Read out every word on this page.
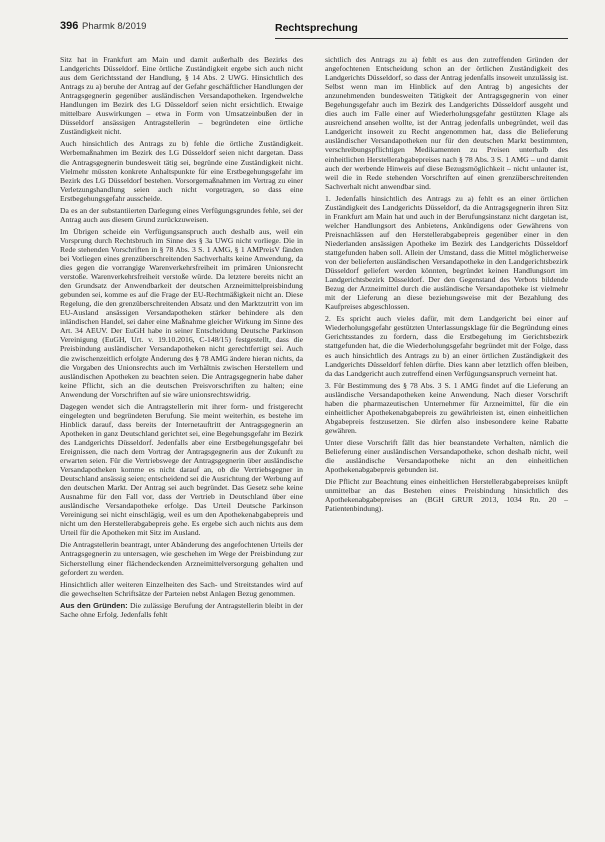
396 Pharmk 8/2019	Rechtsprechung

Sitz hat in Frankfurt am Main und damit außerhalb des Bezirks des Landgerichts Düsseldorf. Eine örtliche Zuständigkeit ergebe sich auch nicht aus dem Gerichtsstand der Handlung, § 14 Abs. 2 UWG. Hinsichtlich des Antrags zu a) beruhe der Antrag auf der Gefahr geschäftlicher Handlungen der Antragsgegnerin gegenüber ausländischen Versandapotheken. Irgendwelche Handlungen im Bezirk des LG Düsseldorf seien nicht ersichtlich. Etwaige mittelbare Auswirkungen – etwa in Form von Umsatzeinbußen der in Düsseldorf ansässigen Antragstellerin – begründeten eine örtliche Zuständigkeit nicht.

Auch hinsichtlich des Antrags zu b) fehle die örtliche Zuständigkeit. Werbemaßnahmen im Bezirk des LG Düsseldorf seien nicht dargetan. Dass die Antragsgegnerin bundesweit tätig sei, begründe eine Zuständigkeit nicht. Vielmehr müssten konkrete Anhaltspunkte für eine Erstbegehungsgefahr im Bezirk des LG Düsseldorf bestehen. Vorsorgemaßnahmen im Vertrag zu einer Verletzungshandlung seien auch nicht vorgetragen, so dass eine Erstbegehungsgefahr ausscheide.

Da es an der substantiierten Darlegung eines Verfügungsgrundes fehle, sei der Antrag auch aus diesem Grund zurückzuweisen.

Im Übrigen scheide ein Verfügungsanspruch auch deshalb aus, weil ein Vorsprung durch Rechtsbruch im Sinne des § 3a UWG nicht vorliege. Die in Rede stehenden Vorschriften in § 78 Abs. 3 S. 1 AMG, § 1 AMPreisV fänden bei Vorliegen eines grenzüberschreitenden Sachverhalts keine Anwendung, da dies gegen die vorrangige Warenverkehrsfreiheit im primären Unionsrecht verstoße. Warenverkehrsfreiheit verstoße würde. Da letztere bereits nicht an den Grundsatz der Anwendbarkeit der deutschen Arzneimittelpreisbindung gebunden sei, komme es auf die Frage der EU-Rechtmäßigkeit nicht an. Diese Regelung, die den grenzüberschreitenden Absatz und den Marktzutritt von im EU-Ausland ansässigen Versandapotheken stärker behindere als den inländischen Handel, sei daher eine Maßnahme gleicher Wirkung im Sinne des Art. 34 AEUV. Der EuGH habe in seiner Entscheidung Deutsche Parkinson Vereinigung (EuGH, Urt. v. 19.10.2016, C-148/15) festgestellt, dass die Preisbindung ausländischer Versandapotheken nicht gerechtfertigt sei. Auch die zwischenzeitlich erfolgte Änderung des § 78 AMG ändere hieran nichts, da die Vorgaben des Unionsrechts auch im Verhältnis zwischen Herstellern und ausländischen Apotheken zu beachten seien. Die Antragsgegnerin habe daher keine Pflicht, sich an die deutschen Preisvorschriften zu halten; eine Anwendung der Vorschriften auf sie wäre unionsrechtswidrig.

Dagegen wendet sich die Antragstellerin mit ihrer form- und fristgerecht eingelegten und begründeten Berufung. Sie meint weiterhin, es bestehe im Hinblick darauf, dass bereits der Internetauftritt der Antragsgegnerin an Apotheken in ganz Deutschland gerichtet sei, eine Begehungsgefahr im Bezirk des Landgerichts Düsseldorf. Jedenfalls aber eine Erstbegehungsgefahr bei Ereignissen, die nach dem Vortrag der Antragsgegnerin aus der Zukunft zu erwarten seien. Für die Vertriebswege der Antragsgegnerin über ausländische Versandapotheken komme es nicht darauf an, ob die Vertriebsgegner in Deutschland ansässig seien; entscheidend sei die Ausrichtung der Werbung auf den deutschen Markt. Der Antrag sei auch begründet. Das Gesetz sehe keine Ausnahme für den Fall vor, dass der Vertrieb in Deutschland über eine ausländische Versandapotheke erfolge. Das Urteil Deutsche Parkinson Vereinigung sei nicht einschlägig, weil es um den Apothekenabgabepreis und nicht um den Herstellerabgabepreis gehe. Es ergebe sich auch nichts aus dem Urteil für die Apotheken mit Sitz im Ausland.

Die Antragstellerin beantragt, unter Abänderung des angefochtenen Urteils der Antragsgegnerin zu untersagen, wie geschehen im Wege der Preisbindung zur Sicherstellung einer flächendeckenden Arzneimittelversorgung gehalten und gefordert zu werden.

Hinsichtlich aller weiteren Einzelheiten des Sach- und Streitstandes wird auf die gewechselten Schriftsätze der Parteien nebst Anlagen Bezug genommen.

Aus den Gründen: Die zulässige Berufung der Antragstellerin bleibt in der Sache ohne Erfolg. Jedenfalls fehlt

sichtlich des Antrags zu a) fehlt es aus den zutreffenden Gründen der angefochtenen Entscheidung schon an der örtlichen Zuständigkeit des Landgerichts Düsseldorf, so dass der Antrag jedenfalls insoweit unzulässig ist. Selbst wenn man im Hinblick auf den Antrag b) angesichts der anzunehmenden bundesweiten Tätigkeit der Antragsgegnerin von einer Begehungsgefahr auch im Bezirk des Landgerichts Düsseldorf ausgeht und dies auch im Falle einer auf Wiederholungsgefahr gestützten Klage als ausreichend ansehen wollte, ist der Antrag jedenfalls unbegründet, weil das Landgericht insoweit zu Recht angenommen hat, dass die Belieferung ausländischer Versandapotheken nur für den deutschen Markt bestimmten, verschreibungspflichtigen Medikamenten zu Preisen unterhalb des einheitlichen Herstellerabgabepreises nach § 78 Abs. 3 S. 1 AMG – und damit auch der werbende Hinweis auf diese Bezugsmöglichkeit – nicht unlauter ist, weil die in Rede stehenden Vorschriften auf einen grenzüberschreitenden Sachverhalt nicht anwendbar sind.

1. Jedenfalls hinsichtlich des Antrags zu a) fehlt es an einer örtlichen Zuständigkeit des Landgerichts Düsseldorf, da die Antragsgegnerin ihren Sitz in Frankfurt am Main hat und auch in der Berufungsinstanz nicht dargetan ist, welcher Handlungsort des Anbietens, Ankündigens oder Gewährens von Preisnachlässen auf den Herstellerabgabepreis gegenüber einer in den Niederlanden ansässigen Apotheke im Bezirk des Landgerichts Düsseldorf stattgefunden haben soll. Allein der Umstand, dass die Mittel möglicherweise von der belieferten ausländischen Versandapotheke in den Landgerichtsbezirk Düsseldorf geliefert werden könnten, begründet keinen Handlungsort im Landgerichtsbezirk Düsseldorf. Der den Gegenstand des Verbots bildende Bezug der Arzneimittel durch die ausländische Versandapotheke ist vielmehr mit der Lieferung an diese beziehungsweise mit der Bezahlung des Kaufpreises abgeschlossen.

2. Es spricht auch vieles dafür, mit dem Landgericht bei einer auf Wiederholungsgefahr gestützten Unterlassungsklage für die Begründung eines Gerichtsstandes zu fordern, dass die Erstbegehung im Gerichtsbezirk stattgefunden hat, die die Wiederholungsgefahr begründet mit der Folge, dass es auch hinsichtlich des Antrags zu b) an einer örtlichen Zuständigkeit des Landgerichts Düsseldorf fehlen dürfte. Dies kann aber letztlich offen bleiben, da das Landgericht auch zutreffend einen Verfügungsanspruch verneint hat.

3. Für Bestimmung des § 78 Abs. 3 S. 1 AMG findet auf die Lieferung an ausländische Versandapotheken keine Anwendung. Nach dieser Vorschrift haben die pharmazeutischen Unternehmer für Arzneimittel, für die ein einheitlicher Apothekenabgabepreis zu gewährleisten ist, einen einheitlichen Abgabepreis festzusetzen. Sie dürfen also insbesondere keine Rabatte gewähren.

Unter diese Vorschrift fällt das hier beanstandete Verhalten, nämlich die Belieferung einer ausländischen Versandapotheke, schon deshalb nicht, weil die ausländische Versandapotheke nicht an den einheitlichen Apothekenabgabepreis gebunden ist.

Die Pflicht zur Beachtung eines einheitlichen Herstellerabgabepreises knüpft unmittelbar an das Bestehen eines Preisbindung hinsichtlich des Apothekenabgabepreises an (BGH GRUR 2013, 1034 Rn. 20 – Patientenbindung).
